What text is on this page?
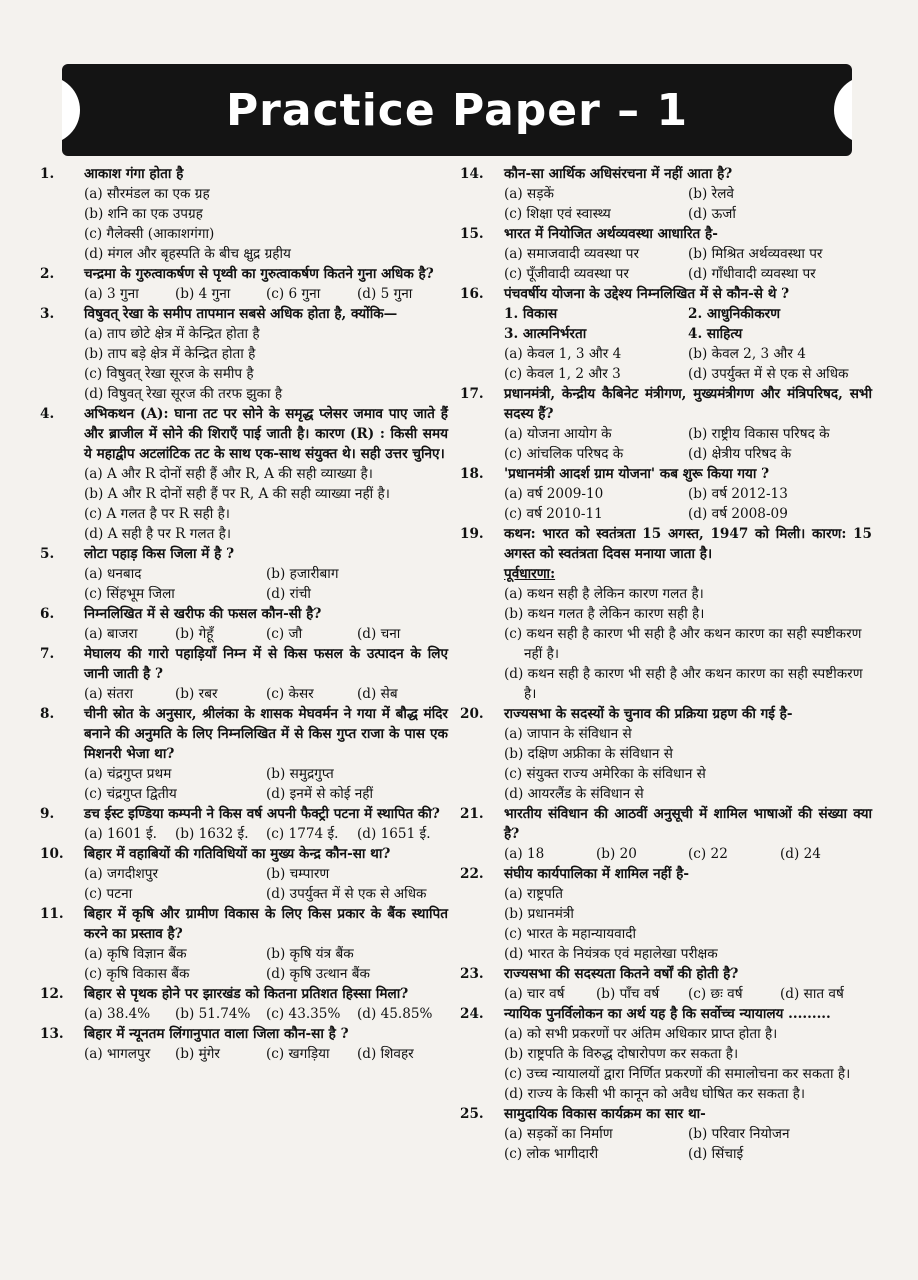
Practice Paper – 1
1.	आकाश गंगा होता है
(a) सौरमंडल का एक ग्रह
(b) शनि का एक उपग्रह
(c) गैलेक्सी (आकाशगंगा)
(d) मंगल और बृहस्पति के बीच क्षुद्र ग्रहीय
2.	चन्द्रमा के गुरुत्वाकर्षण से पृथ्वी का गुरुत्वाकर्षण कितने गुना अधिक है?
(a) 3 गुना	(b) 4 गुना	(c) 6 गुना	(d) 5 गुना
3.	विषुवत् रेखा के समीप तापमान सबसे अधिक होता है, क्योंकि—
(a) ताप छोटे क्षेत्र में केन्द्रित होता है
(b) ताप बड़े क्षेत्र में केन्द्रित होता है
(c) विषुवत् रेखा सूरज के समीप है
(d) विषुवत् रेखा सूरज की तरफ झुका है
4.	अभिकथन (A): घाना तट पर सोने के समृद्ध प्लेसर जमाव पाए जाते हैं और ब्राजील में सोने की शिराएँ पाई जाती है। कारण (R) : किसी समय ये महाद्वीप अटलांटिक तट के साथ एक-साथ संयुक्त थे। सही उत्तर चुनिए।
(a) A और R दोनों सही हैं और R, A की सही व्याख्या है।
(b) A और R दोनों सही हैं पर R, A की सही व्याख्या नहीं है।
(c) A गलत है पर R सही है।
(d) A सही है पर R गलत है।
5.	लोटा पहाड़ किस जिला में है ?
(a) धनबाद	(b) हजारीबाग
(c) सिंहभूम जिला	(d) रांची
6.	निम्नलिखित में से खरीफ की फसल कौन-सी है?
(a) बाजरा	(b) गेहूँ	(c) जौ	(d) चना
7.	मेघालय की गारो पहाड़ियाँ निम्न में से किस फसल के उत्पादन के लिए जानी जाती है ?
(a) संतरा	(b) रबर	(c) केसर	(d) सेब
8.	चीनी स्रोत के अनुसार, श्रीलंका के शासक मेघवर्मन ने गया में बौद्ध मंदिर बनाने की अनुमति के लिए निम्नलिखित में से किस गुप्त राजा के पास एक मिशनरी भेजा था?
(a) चंद्रगुप्त प्रथम	(b) समुद्रगुप्त
(c) चंद्रगुप्त द्वितीय	(d) इनमें से कोई नहीं
9.	डच ईस्ट इण्डिया कम्पनी ने किस वर्ष अपनी फैक्ट्री पटना में स्थापित की?
(a) 1601 ई.	(b) 1632 ई.	(c) 1774 ई.	(d) 1651 ई.
10.	बिहार में वहाबियों की गतिविधियों का मुख्य केन्द्र कौन-सा था?
(a) जगदीशपुर	(b) चम्पारण
(c) पटना	(d) उपर्युक्त में से एक से अधिक
11.	बिहार में कृषि और ग्रामीण विकास के लिए किस प्रकार के बैंक स्थापित करने का प्रस्ताव है?
(a) कृषि विज्ञान बैंक	(b) कृषि यंत्र बैंक
(c) कृषि विकास बैंक	(d) कृषि उत्थान बैंक
12.	बिहार से पृथक होने पर झारखंड को कितना प्रतिशत हिस्सा मिला?
(a) 38.4%	(b) 51.74%	(c) 43.35%	(d) 45.85%
13.	बिहार में न्यूनतम लिंगानुपात वाला जिला कौन-सा है ?
(a) भागलपुर	(b) मुंगेर	(c) खगड़िया	(d) शिवहर
14.	कौन-सा आर्थिक अधिसंरचना में नहीं आता है?
(a) सड़कें	(b) रेलवे
(c) शिक्षा एवं स्वास्थ्य	(d) ऊर्जा
15.	भारत में नियोजित अर्थव्यवस्था आधारित है-
(a) समाजवादी व्यवस्था पर	(b) मिश्रित अर्थव्यवस्था पर
(c) पूँजीवादी व्यवस्था पर	(d) गाँधीवादी व्यवस्था पर
16.	पंचवर्षीय योजना के उद्देश्य निम्नलिखित में से कौन-से थे ?
1. विकास	2. आधुनिकीकरण
3. आत्मनिर्भरता	4. साहित्य
(a) केवल 1, 3 और 4	(b) केवल 2, 3 और 4
(c) केवल 1, 2 और 3	(d) उपर्युक्त में से एक से अधिक
17.	प्रधानमंत्री, केन्द्रीय कैबिनेट मंत्रीगण, मुख्यमंत्रीगण और मंत्रिपरिषद, सभी सदस्य हैं?
(a) योजना आयोग के	(b) राष्ट्रीय विकास परिषद के
(c) आंचलिक परिषद के	(d) क्षेत्रीय परिषद के
18.	'प्रधानमंत्री आदर्श ग्राम योजना' कब शुरू किया गया ?
(a) वर्ष 2009-10	(b) वर्ष 2012-13
(c) वर्ष 2010-11	(d) वर्ष 2008-09
19.	कथन: भारत को स्वतंत्रता 15 अगस्त, 1947 को मिली। कारण: 15 अगस्त को स्वतंत्रता दिवस मनाया जाता है।
पूर्वधारणा:
(a) कथन सही है लेकिन कारण गलत है।
(b) कथन गलत है लेकिन कारण सही है।
(c) कथन सही है कारण भी सही है और कथन कारण का सही स्पष्टीकरण नहीं है।
(d) कथन सही है कारण भी सही है और कथन कारण का सही स्पष्टीकरण है।
20.	राज्यसभा के सदस्यों के चुनाव की प्रक्रिया ग्रहण की गई है-
(a) जापान के संविधान से
(b) दक्षिण अफ्रीका के संविधान से
(c) संयुक्त राज्य अमेरिका के संविधान से
(d) आयरलैंड के संविधान से
21.	भारतीय संविधान की आठवीं अनुसूची में शामिल भाषाओं की संख्या क्या है?
(a) 18	(b) 20	(c) 22	(d) 24
22.	संघीय कार्यपालिका में शामिल नहीं है-
(a) राष्ट्रपति
(b) प्रधानमंत्री
(c) भारत के महान्यायवादी
(d) भारत के नियंत्रक एवं महालेखा परीक्षक
23.	राज्यसभा की सदस्यता कितने वर्षों की होती है?
(a) चार वर्ष	(b) पाँच वर्ष	(c) छः वर्ष	(d) सात वर्ष
24.	न्यायिक पुनर्विलोकन का अर्थ यह है कि सर्वोच्च न्यायालय .........
(a) को सभी प्रकरणों पर अंतिम अधिकार प्राप्त होता है।
(b) राष्ट्रपति के विरुद्ध दोषारोपण कर सकता है।
(c) उच्च न्यायालयों द्वारा निर्णित प्रकरणों की समालोचना कर सकता है।
(d) राज्य के किसी भी कानून को अवैध घोषित कर सकता है।
25.	सामुदायिक विकास कार्यक्रम का सार था-
(a) सड़कों का निर्माण	(b) परिवार नियोजन
(c) लोक भागीदारी	(d) सिंचाई
